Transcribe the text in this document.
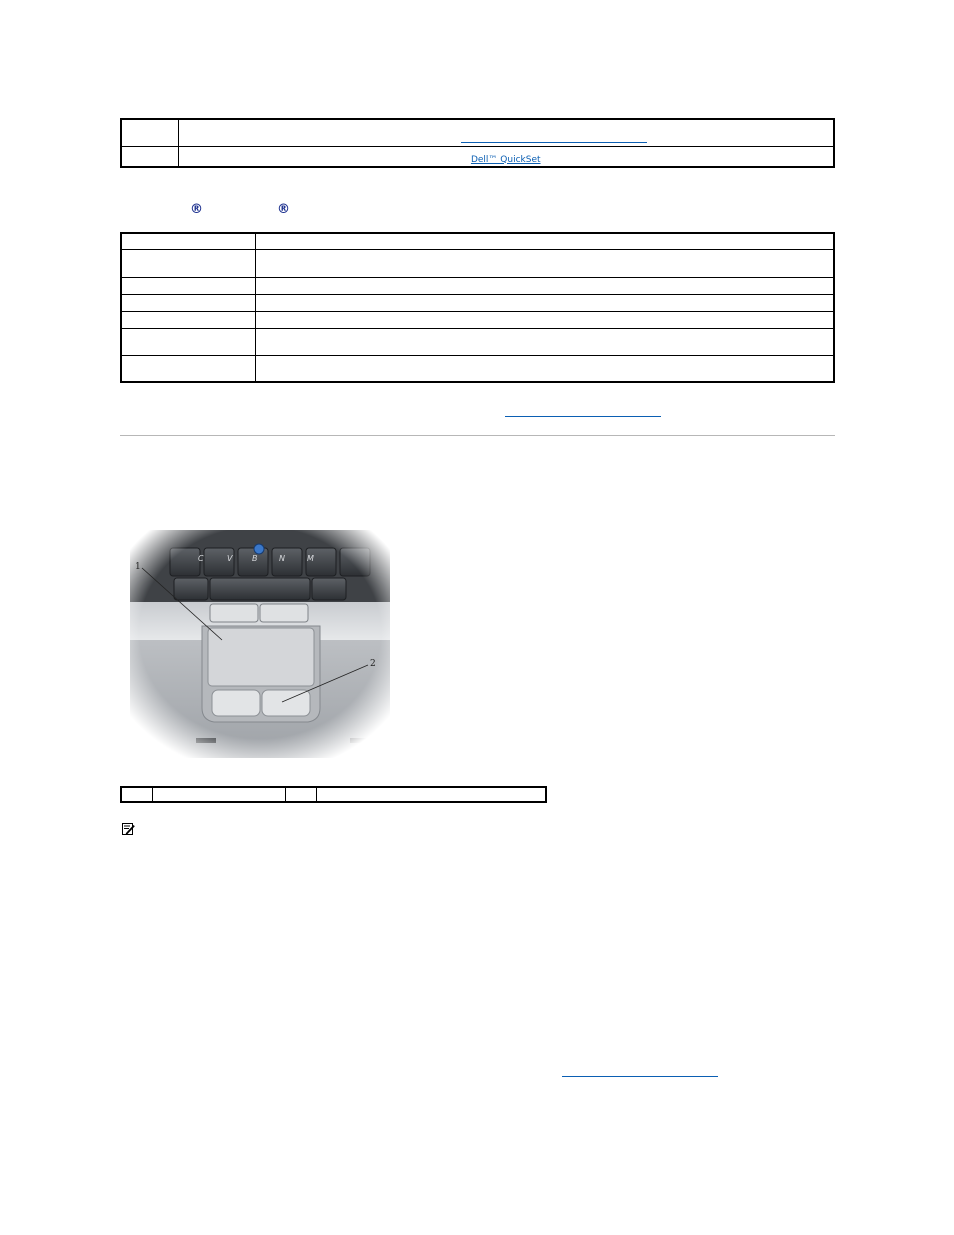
	Dell™ QuickSet
®	®

1
2
